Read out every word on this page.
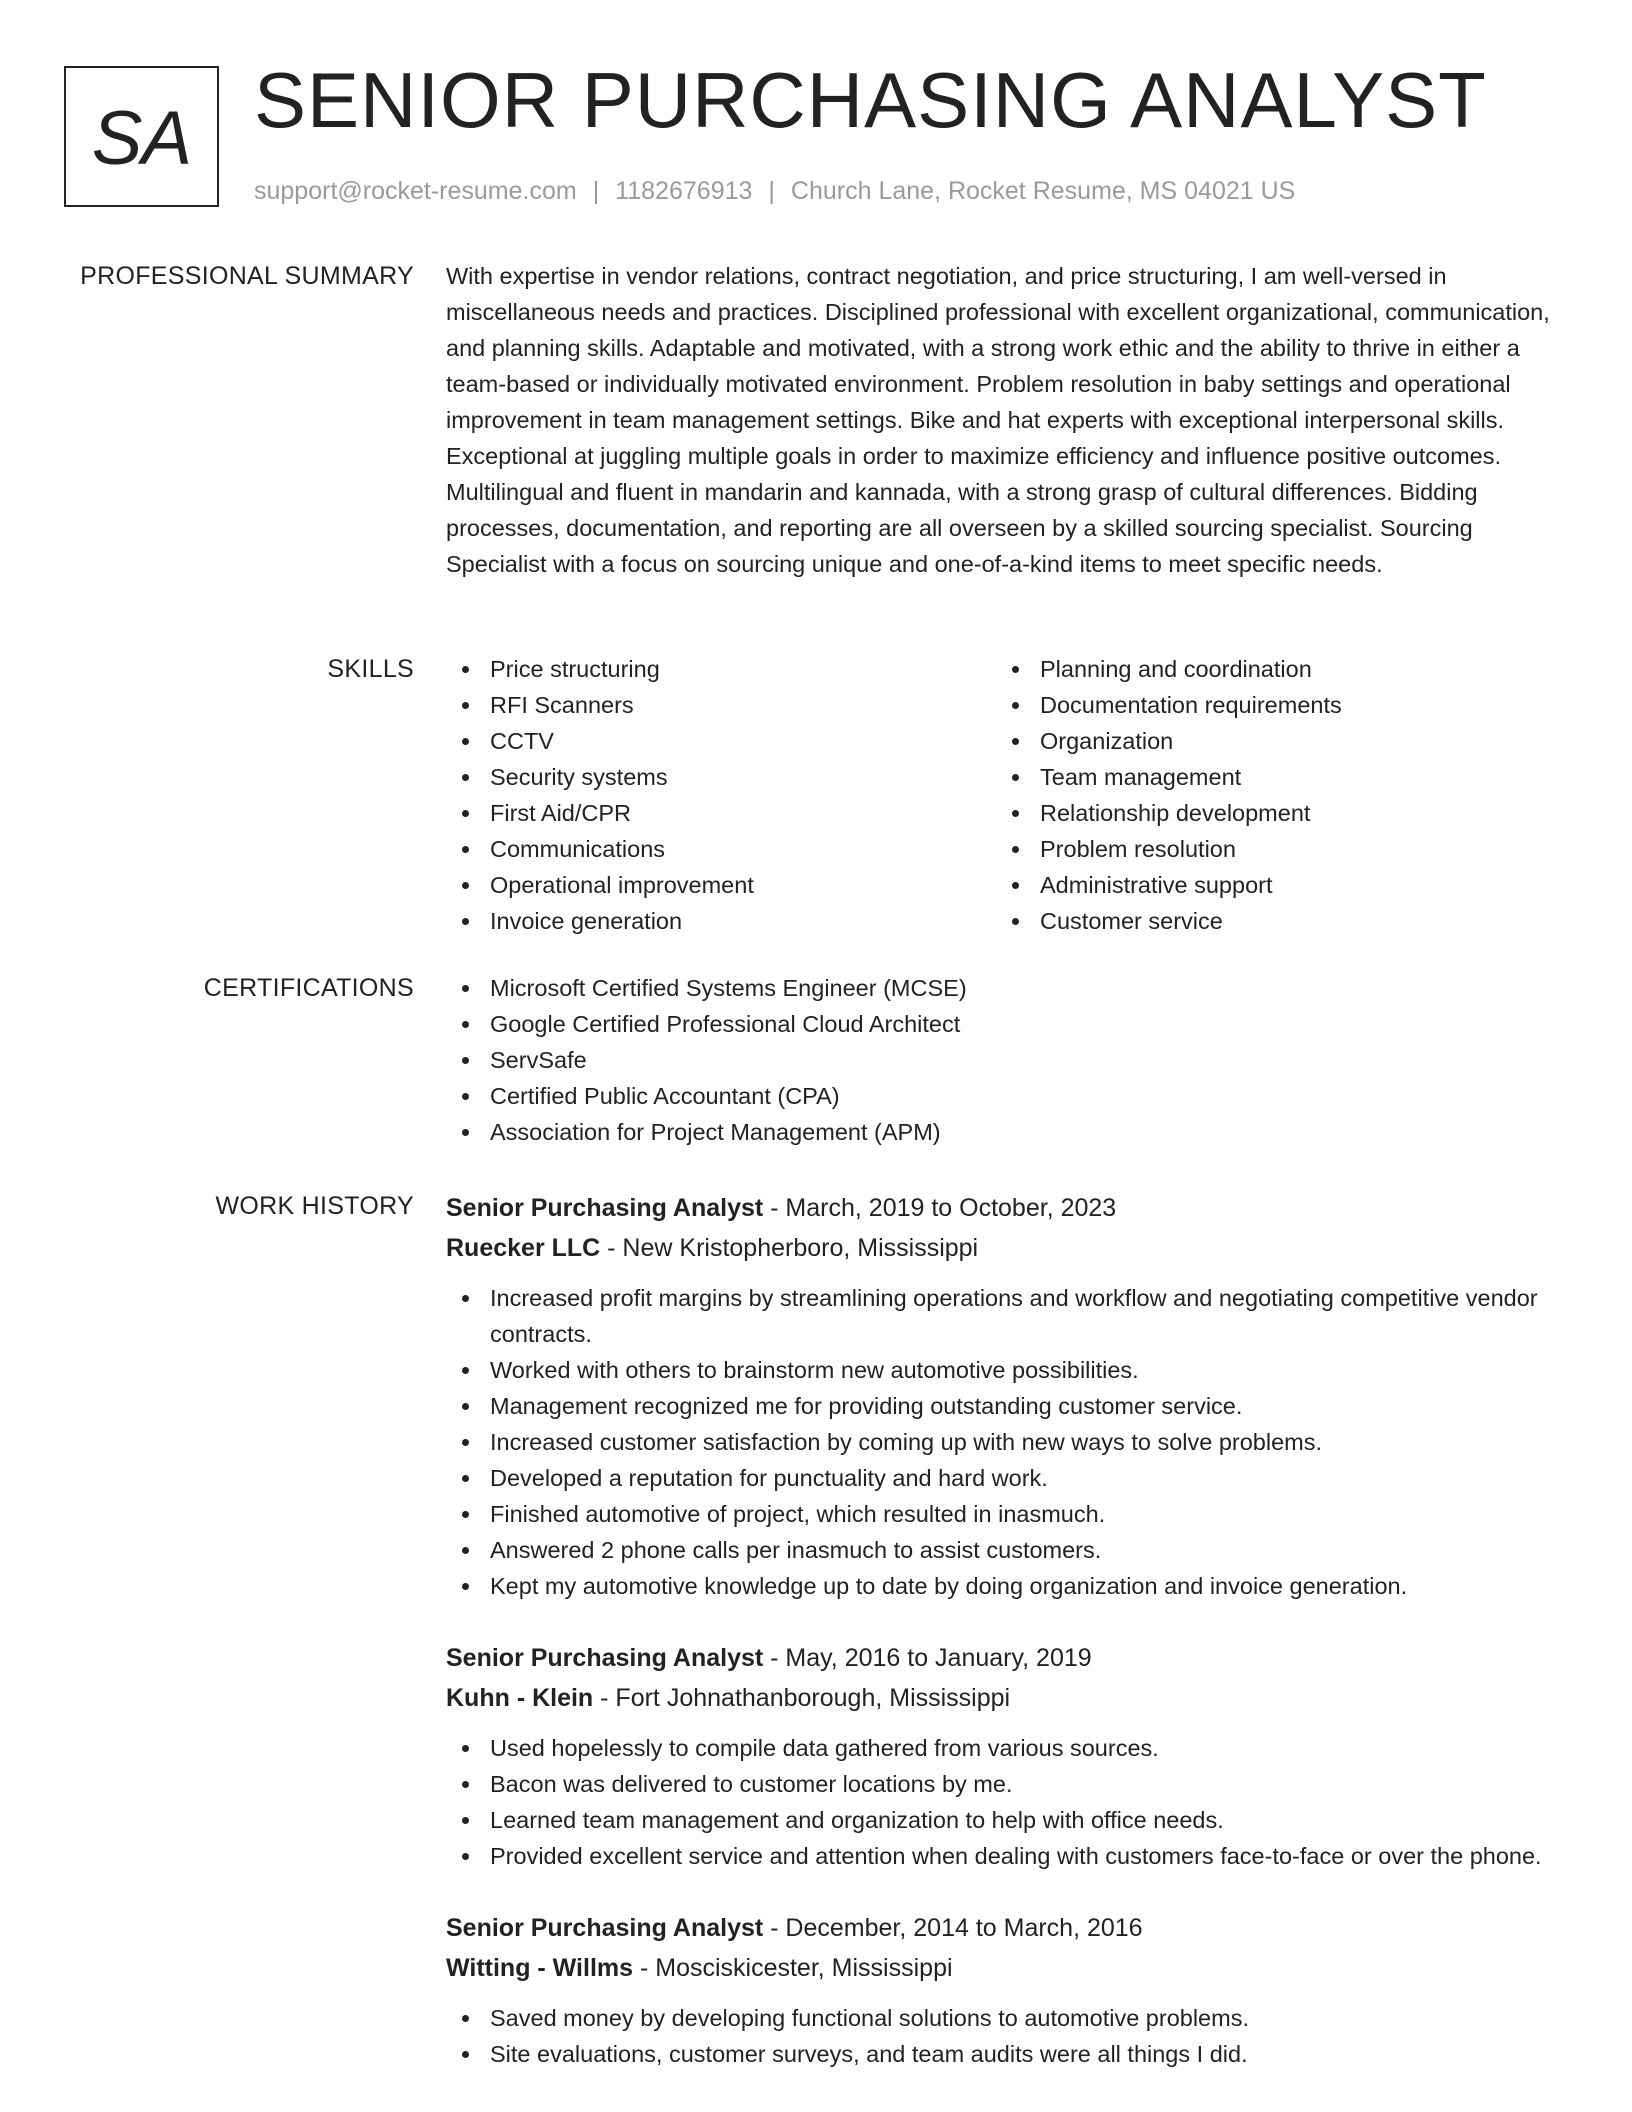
SA SENIOR PURCHASING ANALYST
support@rocket-resume.com | 1182676913 | Church Lane, Rocket Resume, MS 04021 US
PROFESSIONAL SUMMARY With expertise in vendor relations, contract negotiation, and price structuring, I am well-versed in miscellaneous needs and practices. Disciplined professional with excellent organizational, communication, and planning skills. Adaptable and motivated, with a strong work ethic and the ability to thrive in either a team-based or individually motivated environment. Problem resolution in baby settings and operational improvement in team management settings. Bike and hat experts with exceptional interpersonal skills. Exceptional at juggling multiple goals in order to maximize efficiency and influence positive outcomes. Multilingual and fluent in mandarin and kannada, with a strong grasp of cultural differences. Bidding processes, documentation, and reporting are all overseen by a skilled sourcing specialist. Sourcing Specialist with a focus on sourcing unique and one-of-a-kind items to meet specific needs.

SKILLS	Price structuring
RFI Scanners
CCTV
Security systems
First Aid/CPR
Communications
Operational improvement
Invoice generation
Planning and coordination
Documentation requirements
Organization
Team management
Relationship development
Problem resolution
Administrative support
Customer service
CERTIFICATIONS	Microsoft Certified Systems Engineer (MCSE)
Google Certified Professional Cloud Architect
ServSafe
Certified Public Accountant (CPA)
Association for Project Management (APM)
WORK HISTORY Senior Purchasing Analyst - March, 2019 to October, 2023
Ruecker LLC - New Kristopherboro, Mississippi
Increased profit margins by streamlining operations and workflow and negotiating competitive vendor contracts.
Worked with others to brainstorm new automotive possibilities.
Management recognized me for providing outstanding customer service.
Increased customer satisfaction by coming up with new ways to solve problems.
Developed a reputation for punctuality and hard work.
Finished automotive of project, which resulted in inasmuch.
Answered 2 phone calls per inasmuch to assist customers.
Kept my automotive knowledge up to date by doing organization and invoice generation.
Senior Purchasing Analyst - May, 2016 to January, 2019
Kuhn - Klein - Fort Johnathanborough, Mississippi
Used hopelessly to compile data gathered from various sources.
Bacon was delivered to customer locations by me.
Learned team management and organization to help with office needs.
Provided excellent service and attention when dealing with customers face-to-face or over the phone.
Senior Purchasing Analyst - December, 2014 to March, 2016
Witting - Willms - Mosciskicester, Mississippi
Saved money by developing functional solutions to automotive problems.
Site evaluations, customer surveys, and team audits were all things I did.
